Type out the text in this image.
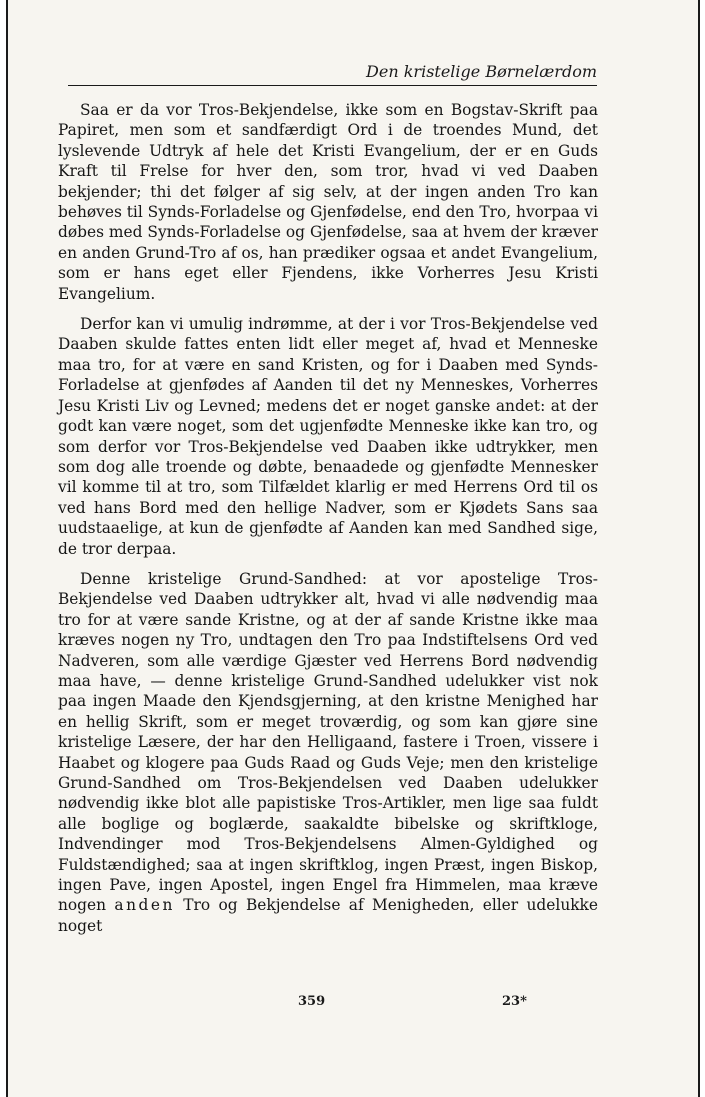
Den kristelige Børnelærdom

Saa er da vor Tros-Bekjendelse, ikke som en Bogstav-Skrift paa Papiret, men som et sandfærdigt Ord i de troendes Mund, det lyslevende Udtryk af hele det Kristi Evangelium, der er en Guds Kraft til Frelse for hver den, som tror, hvad vi ved Daaben bekjender; thi det følger af sig selv, at der ingen anden Tro kan behøves til Synds-Forladelse og Gjenfødelse, end den Tro, hvorpaa vi døbes med Synds-Forladelse og Gjenfødelse, saa at hvem der kræver en anden Grund-Tro af os, han prædiker ogsaa et andet Evangelium, som er hans eget eller Fjendens, ikke Vorherres Jesu Kristi Evangelium.

Derfor kan vi umulig indrømme, at der i vor Tros-Bekjendelse ved Daaben skulde fattes enten lidt eller meget af, hvad et Menneske maa tro, for at være en sand Kristen, og for i Daaben med Synds-Forladelse at gjenfødes af Aanden til det ny Menneskes, Vorherres Jesu Kristi Liv og Levned; medens det er noget ganske andet: at der godt kan være noget, som det ugjenfødte Menneske ikke kan tro, og som derfor vor Tros-Bekjendelse ved Daaben ikke udtrykker, men som dog alle troende og døbte, benaadede og gjenfødte Mennesker vil komme til at tro, som Tilfældet klarlig er med Herrens Ord til os ved hans Bord med den hellige Nadver, som er Kjødets Sans saa uudstaaelige, at kun de gjenfødte af Aanden kan med Sandhed sige, de tror derpaa.

Denne kristelige Grund-Sandhed: at vor apostelige Tros-Bekjendelse ved Daaben udtrykker alt, hvad vi alle nødvendig maa tro for at være sande Kristne, og at der af sande Kristne ikke maa kræves nogen ny Tro, undtagen den Tro paa Indstiftelsens Ord ved Nadveren, som alle værdige Gjæster ved Herrens Bord nødvendig maa have, — denne kristelige Grund-Sandhed udelukker vist nok paa ingen Maade den Kjendsgjerning, at den kristne Menighed har en hellig Skrift, som er meget troværdig, og som kan gjøre sine kristelige Læsere, der har den Helligaand, fastere i Troen, vissere i Haabet og klogere paa Guds Raad og Guds Veje; men den kristelige Grund-Sandhed om Tros-Bekjendelsen ved Daaben udelukker nødvendig ikke blot alle papistiske Tros-Artikler, men lige saa fuldt alle boglige og boglærde, saakaldte bibelske og skriftkloge, Indvendinger mod Tros-Bekjendelsens Almen-Gyldighed og Fuldstændighed; saa at ingen skriftklog, ingen Præst, ingen Biskop, ingen Pave, ingen Apostel, ingen Engel fra Himmelen, maa kræve nogen anden Tro og Bekjendelse af Menigheden, eller udelukke noget

359	23*
